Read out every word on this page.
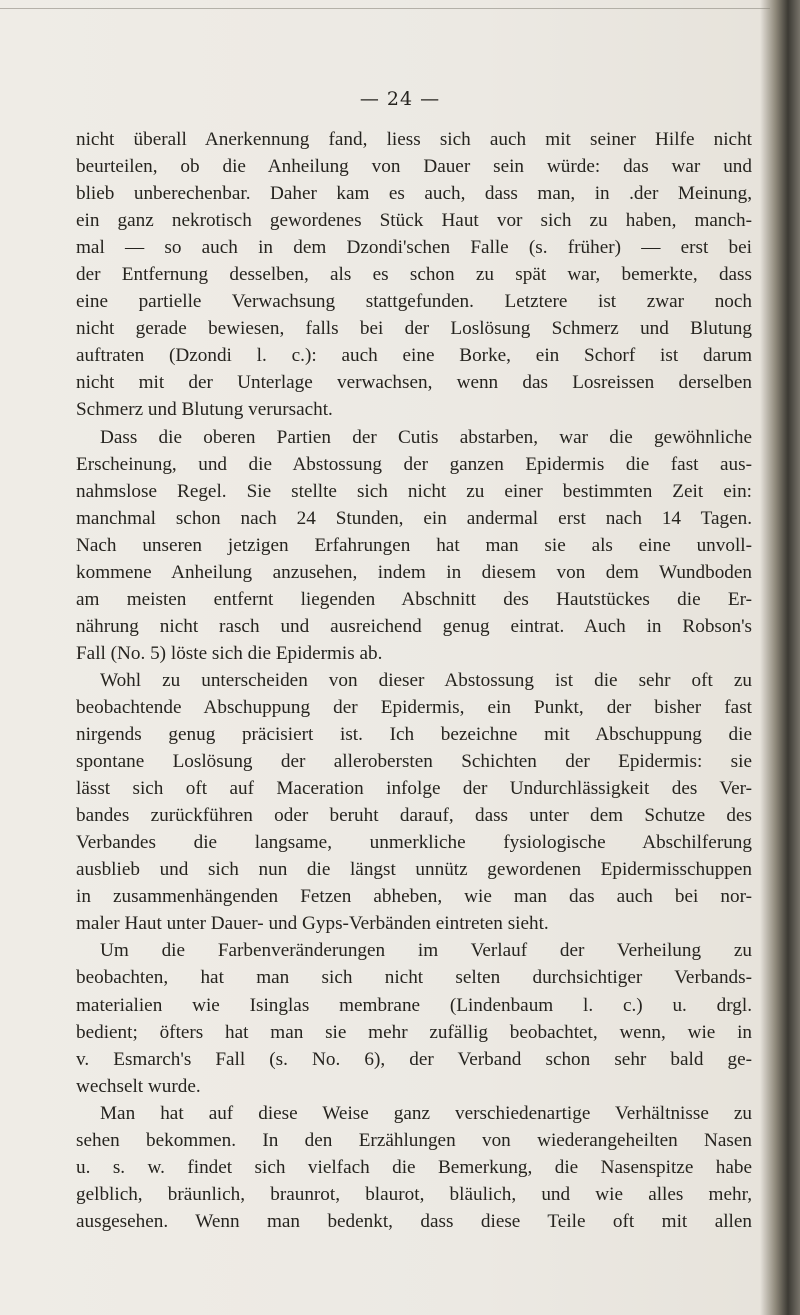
— 24 —
nicht überall Anerkennung fand, liess sich auch mit seiner Hilfe nicht
beurteilen, ob die Anheilung von Dauer sein würde: das war und
blieb unberechenbar. Daher kam es auch, dass man, in .der Meinung,
ein ganz nekrotisch gewordenes Stück Haut vor sich zu haben, manch-
mal — so auch in dem Dzondi'schen Falle (s. früher) — erst bei
der Entfernung desselben, als es schon zu spät war, bemerkte, dass
eine partielle Verwachsung stattgefunden. Letztere ist zwar noch
nicht gerade bewiesen, falls bei der Loslösung Schmerz und Blutung
auftraten (Dzondi l. c.): auch eine Borke, ein Schorf ist darum
nicht mit der Unterlage verwachsen, wenn das Losreissen derselben
Schmerz und Blutung verursacht.
Dass die oberen Partien der Cutis abstarben, war die gewöhnliche
Erscheinung, und die Abstossung der ganzen Epidermis die fast aus-
nahmslose Regel. Sie stellte sich nicht zu einer bestimmten Zeit ein:
manchmal schon nach 24 Stunden, ein andermal erst nach 14 Tagen.
Nach unseren jetzigen Erfahrungen hat man sie als eine unvoll-
kommene Anheilung anzusehen, indem in diesem von dem Wundboden
am meisten entfernt liegenden Abschnitt des Hautstückes die Er-
nährung nicht rasch und ausreichend genug eintrat. Auch in Robson's
Fall (No. 5) löste sich die Epidermis ab.
Wohl zu unterscheiden von dieser Abstossung ist die sehr oft zu
beobachtende Abschuppung der Epidermis, ein Punkt, der bisher fast
nirgends genug präcisiert ist. Ich bezeichne mit Abschuppung die
spontane Loslösung der allerobersten Schichten der Epidermis: sie
lässt sich oft auf Maceration infolge der Undurchlässigkeit des Ver-
bandes zurückführen oder beruht darauf, dass unter dem Schutze des
Verbandes die langsame, unmerkliche fysiologische Abschilferung
ausblieb und sich nun die längst unnütz gewordenen Epidermisschuppen
in zusammenhängenden Fetzen abheben, wie man das auch bei nor-
maler Haut unter Dauer- und Gyps-Verbänden eintreten sieht.
Um die Farbenveränderungen im Verlauf der Verheilung zu
beobachten, hat man sich nicht selten durchsichtiger Verbands-
materialien wie Isinglas membrane (Lindenbaum l. c.) u. drgl.
bedient; öfters hat man sie mehr zufällig beobachtet, wenn, wie in
v. Esmarch's Fall (s. No. 6), der Verband schon sehr bald ge-
wechselt wurde.
Man hat auf diese Weise ganz verschiedenartige Verhältnisse zu
sehen bekommen. In den Erzählungen von wiederangeheilten Nasen
u. s. w. findet sich vielfach die Bemerkung, die Nasenspitze habe
gelblich, bräunlich, braunrot, blaurot, bläulich, und wie alles mehr,
ausgesehen. Wenn man bedenkt, dass diese Teile oft mit allen
